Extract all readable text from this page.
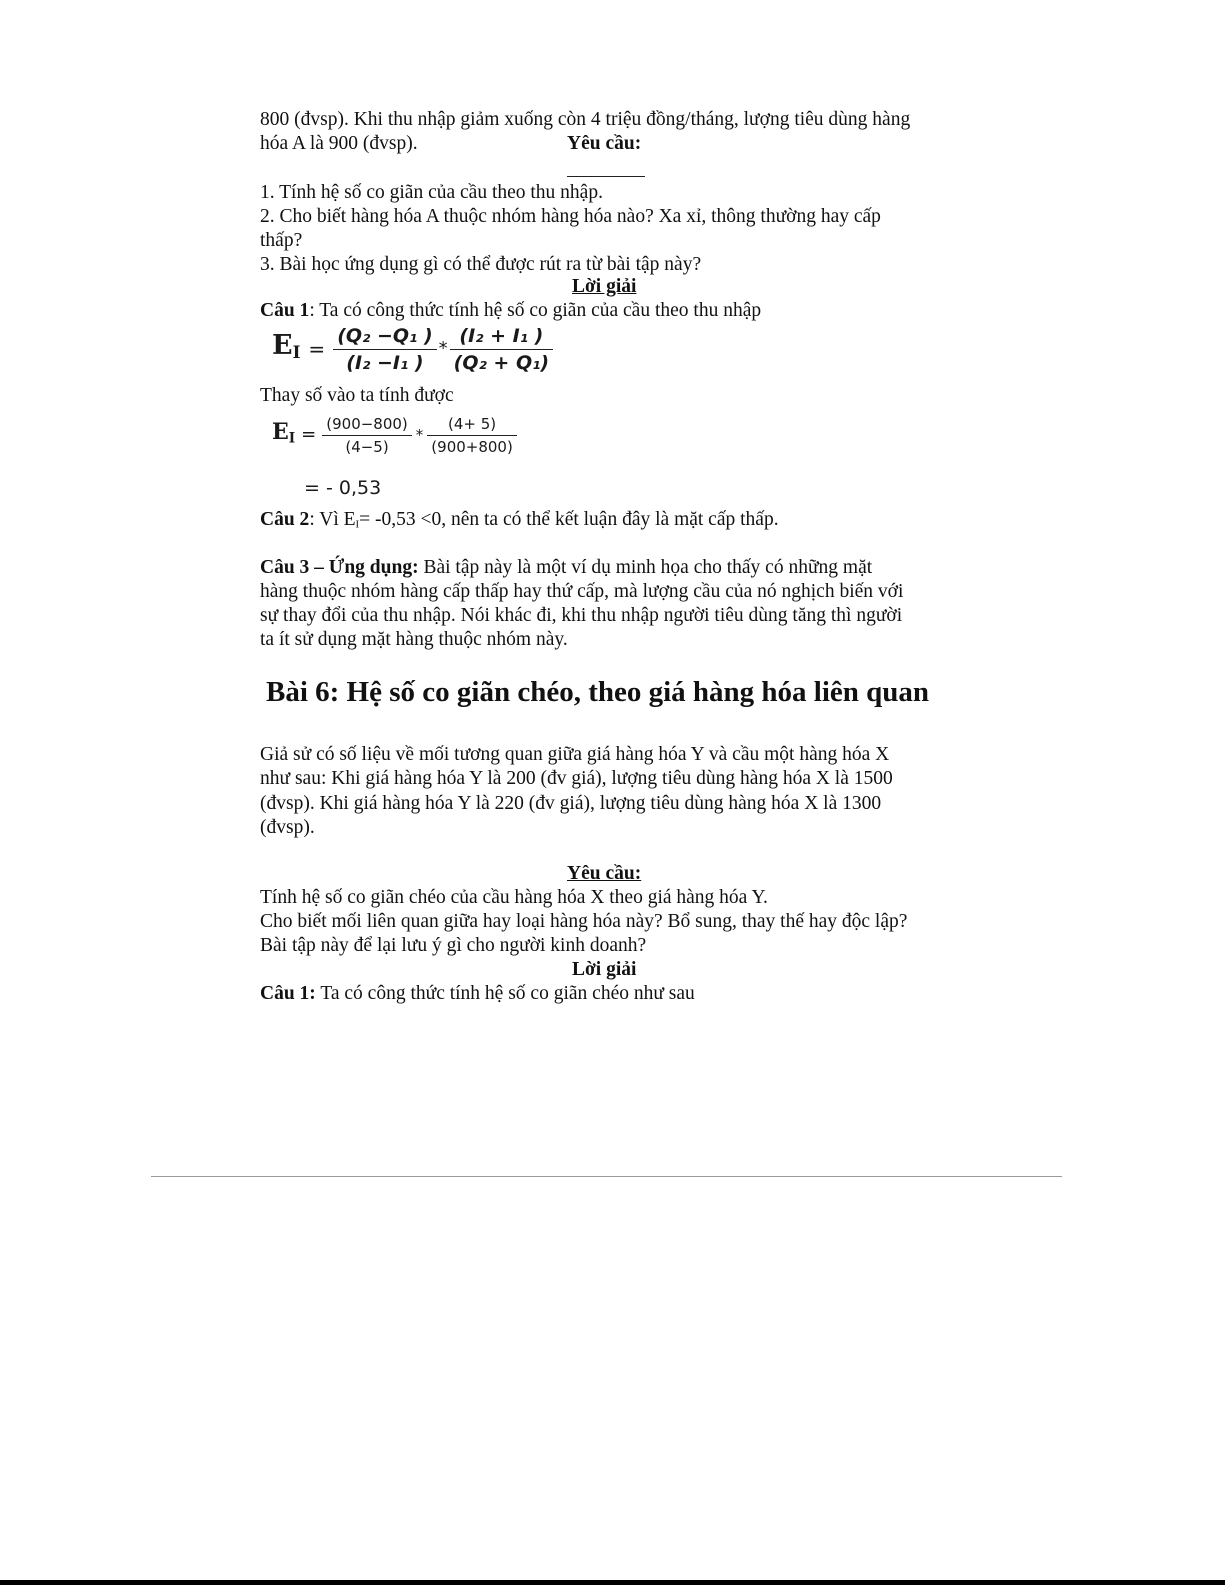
800 (đvsp). Khi thu nhập giảm xuống còn 4 triệu đồng/tháng, lượng tiêu dùng hàng
hóa A là 900 (đvsp).	Yêu cầu:
1. Tính hệ số co giãn của cầu theo thu nhập.
2. Cho biết hàng hóa A thuộc nhóm hàng hóa nào? Xa xỉ, thông thường hay cấp
thấp?
3. Bài học ứng dụng gì có thể được rút ra từ bài tập này?
Lời giải
Câu 1: Ta có công thức tính hệ số co giãn của cầu theo thu nhập
$E_I = \frac{\text{(Q₂ −Q₁ )}}{\text{(I₂ −I₁ )}} * \frac{\text{(I₂ + I₁ )}}{\text{(Q₂ + Q₁)}}$
Thay số vào ta tính được
$E_I = \frac{(900-800)}{(4-5)} * \frac{(4+ 5)}{(900+800)}$
= - 0,53
Câu 2: Vì $E_I= -0,53 <0$, nên ta có thể kết luận đây là mặt cấp thấp.
Câu 3 – Ứng dụng: Bài tập này là một ví dụ minh họa cho thấy có những mặt
hàng thuộc nhóm hàng cấp thấp hay thứ cấp, mà lượng cầu của nó nghịch biến với
sự thay đổi của thu nhập. Nói khác đi, khi thu nhập người tiêu dùng tăng thì người
ta ít sử dụng mặt hàng thuộc nhóm này.
Bài 6: Hệ số co giãn chéo, theo giá hàng hóa liên quan
Giả sử có số liệu về mối tương quan giữa giá hàng hóa Y và cầu một hàng hóa X
như sau: Khi giá hàng hóa Y là 200 (đv giá), lượng tiêu dùng hàng hóa X là 1500
(đvsp). Khi giá hàng hóa Y là 220 (đv giá), lượng tiêu dùng hàng hóa X là 1300
(đvsp).
Yêu cầu:
Tính hệ số co giãn chéo của cầu hàng hóa X theo giá hàng hóa Y.
Cho biết mối liên quan giữa hay loại hàng hóa này? Bổ sung, thay thế hay độc lập?
Bài tập này để lại lưu ý gì cho người kinh doanh?
Lời giải
Câu 1: Ta có công thức tính hệ số co giãn chéo như sau
